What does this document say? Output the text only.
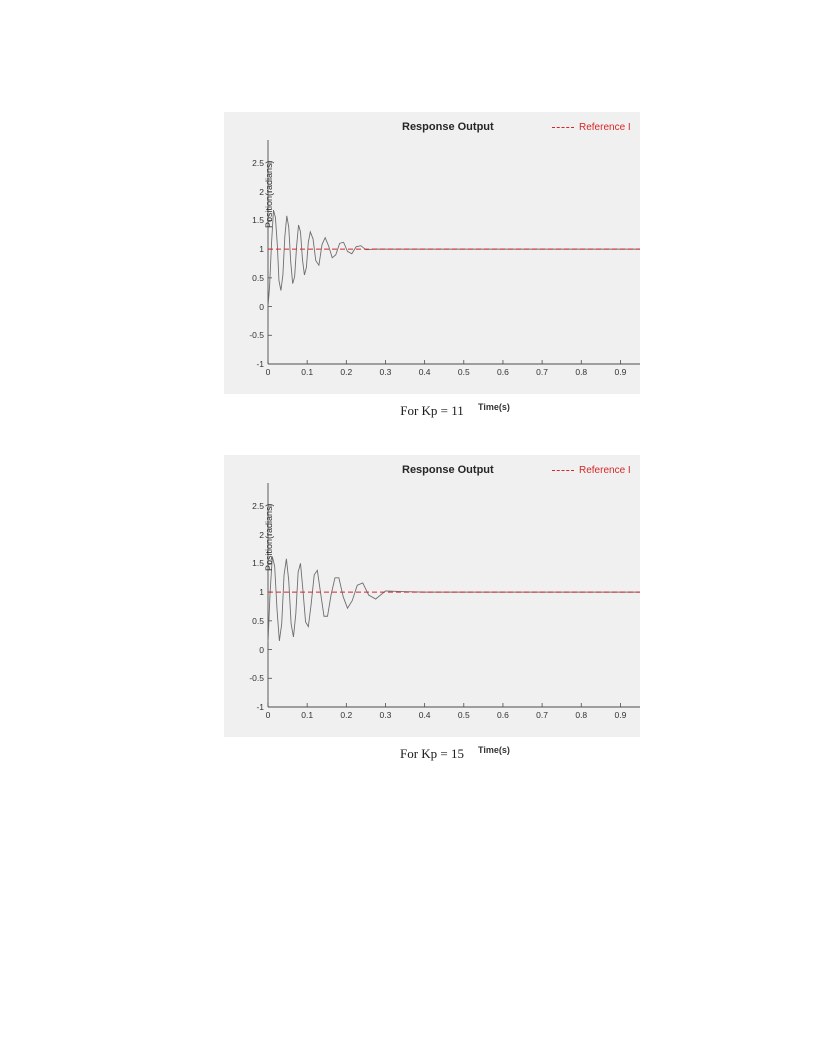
Response Output	Reference I
Position(radians)
Time(s)
-1
-0.5
0
0.5
1
1.5
2
2.5
0	0.1	0.2	0.3	0.4	0.5	0.6	0.7	0.8	0.9
For Kp = 11
Response Output	Reference I
Position(radians)
Time(s)
-1
-0.5
0
0.5
1
1.5
2
2.5
0	0.1	0.2	0.3	0.4	0.5	0.6	0.7	0.8	0.9
For Kp = 15
